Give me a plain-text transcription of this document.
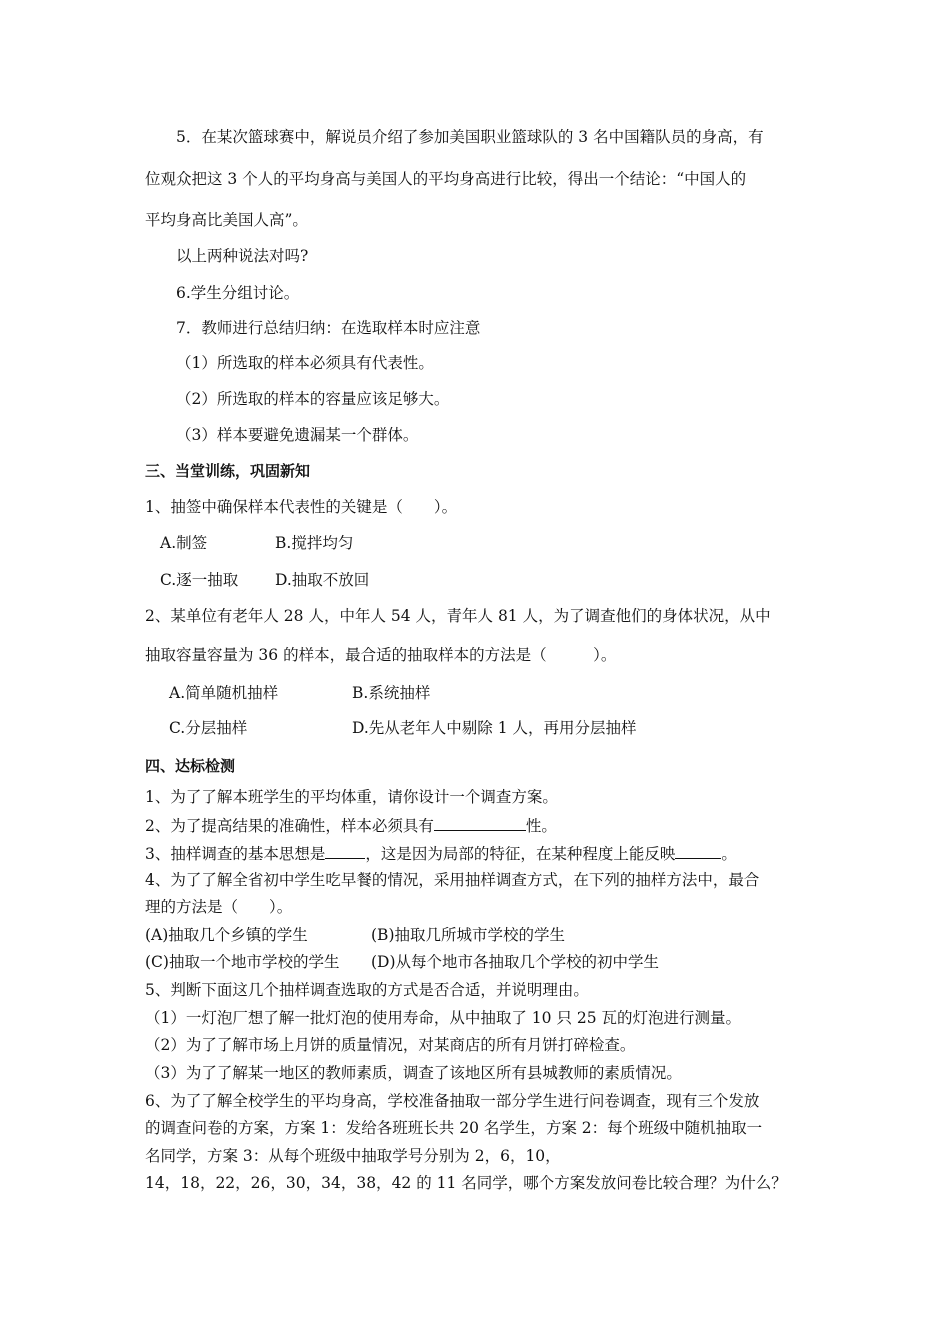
5．在某次篮球赛中，解说员介绍了参加美国职业篮球队的 3 名中国籍队员的身高，有
位观众把这 3 个人的平均身高与美国人的平均身高进行比较，得出一个结论：“中国人的
平均身高比美国人高”。
以上两种说法对吗?
6.学生分组讨论。
7．教师进行总结归纳：在选取样本时应注意
（1）所选取的样本必须具有代表性。
（2）所选取的样本的容量应该足够大。
（3）样本要避免遗漏某一个群体。
三、当堂训练，巩固新知
1、抽签中确保样本代表性的关键是（　　）。
A.制签	B.搅拌均匀
C.逐一抽取 D.抽取不放回
2、某单位有老年人 28 人，中年人 54 人，青年人 81 人，为了调查他们的身体状况，从中
抽取容量容量为 36 的样本，最合适的抽取样本的方法是（　　　）。
A.简单随机抽样	B.系统抽样
C.分层抽样	D.先从老年人中剔除 1 人，再用分层抽样
四、达标检测
1、为了了解本班学生的平均体重，请你设计一个调查方案。
2、为了提高结果的准确性，样本必须具有	性。
3、抽样调查的基本思想是	，这是因为局部的特征，在某种程度上能反映	。
4、为了了解全省初中学生吃早餐的情况，采用抽样调查方式，在下列的抽样方法中，最合
理的方法是（　　）。
(A)抽取几个乡镇的学生	(B)抽取几所城市学校的学生
(C)抽取一个地市学校的学生 (D)从每个地市各抽取几个学校的初中学生
5、判断下面这几个抽样调查选取的方式是否合适，并说明理由。
（1）一灯泡厂想了解一批灯泡的使用寿命，从中抽取了 10 只 25 瓦的灯泡进行测量。
（2）为了了解市场上月饼的质量情况，对某商店的所有月饼打碎检查。
（3）为了了解某一地区的教师素质，调查了该地区所有县城教师的素质情况。
6、为了了解全校学生的平均身高，学校准备抽取一部分学生进行问卷调查，现有三个发放
的调查问卷的方案，方案 1：发给各班班长共 20 名学生，方案 2：每个班级中随机抽取一
名同学，方案 3：从每个班级中抽取学号分别为 2，6，10，
14，18，22，26，30，34，38，42 的 11 名同学，哪个方案发放问卷比较合理？为什么？
